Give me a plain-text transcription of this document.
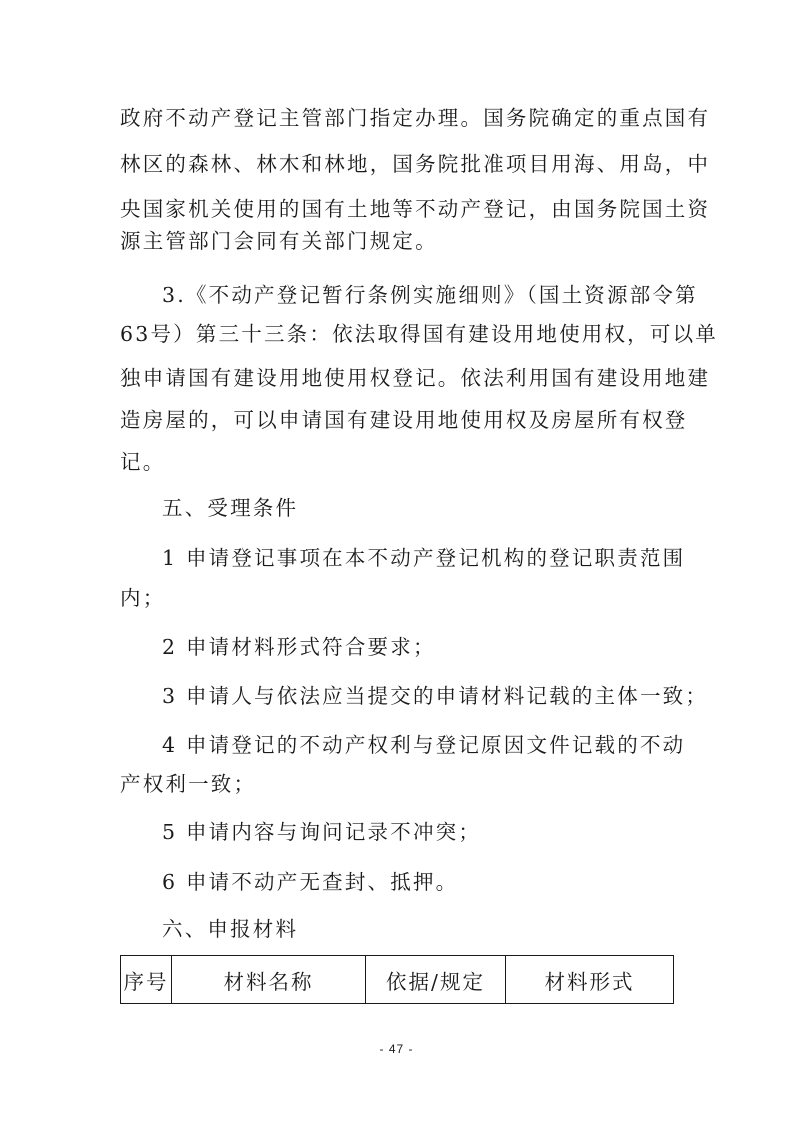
政府不动产登记主管部门指定办理。国务院确定的重点国有
林区的森林、林木和林地，国务院批准项目用海、用岛，中
央国家机关使用的国有土地等不动产登记，由国务院国土资
源主管部门会同有关部门规定。
3.《不动产登记暂行条例实施细则》（国土资源部令第
63号）第三十三条：依法取得国有建设用地使用权，可以单
独申请国有建设用地使用权登记。依法利用国有建设用地建
造房屋的，可以申请国有建设用地使用权及房屋所有权登
记。
五、受理条件
1 申请登记事项在本不动产登记机构的登记职责范围
内；
2 申请材料形式符合要求；
3 申请人与依法应当提交的申请材料记载的主体一致；
4 申请登记的不动产权利与登记原因文件记载的不动
产权利一致；
5 申请内容与询问记录不冲突；
6 申请不动产无查封、抵押。
六、申报材料
序号	材料名称	依据/规定	材料形式
- 47 -
